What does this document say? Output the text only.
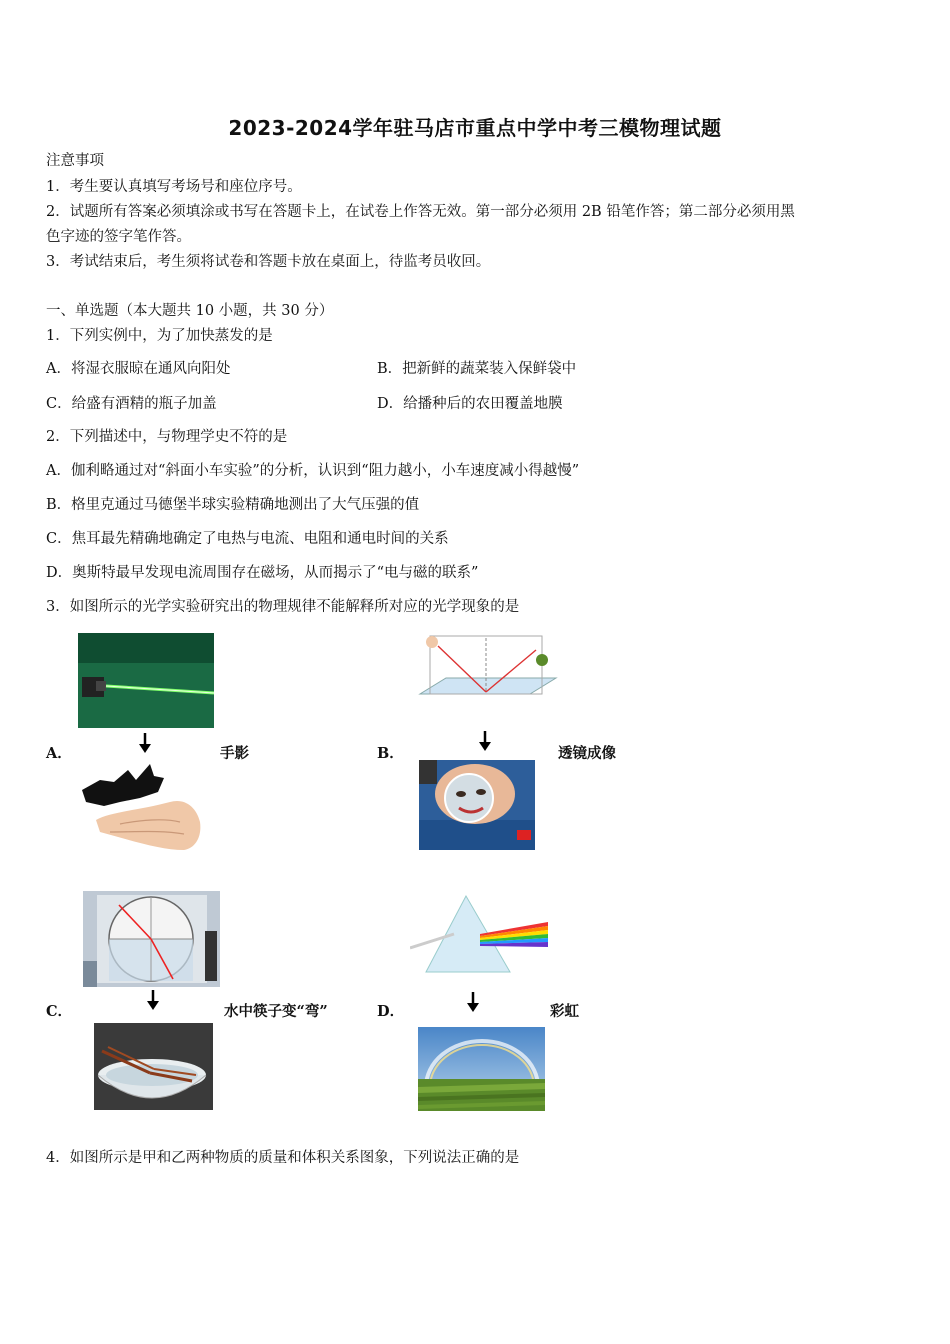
2023-2024学年驻马店市重点中学中考三模物理试题
注意事项
1．考生要认真填写考场号和座位序号。
2．试题所有答案必须填涂或书写在答题卡上，在试卷上作答无效。第一部分必须用 2B 铅笔作答；第二部分必须用黑
色字迹的签字笔作答。
3．考试结束后，考生须将试卷和答题卡放在桌面上，待监考员收回。
一、单选题（本大题共 10 小题，共 30 分）
1．下列实例中，为了加快蒸发的是
A．将湿衣服晾在通风向阳处	B．把新鲜的蔬菜装入保鲜袋中
C．给盛有酒精的瓶子加盖	D．给播种后的农田覆盖地膜
2．下列描述中，与物理学史不符的是
A．伽利略通过对“斜面小车实验”的分析，认识到“阻力越小，小车速度减小得越慢”
B．格里克通过马德堡半球实验精确地测出了大气压强的值
C．焦耳最先精确地确定了电热与电流、电阻和通电时间的关系
D．奥斯特最早发现电流周围存在磁场，从而揭示了“电与磁的联系”
3．如图所示的光学实验研究出的物理规律不能解释所对应的光学现象的是
A．	手影	B．	透镜成像
C．	水中筷子变“弯”	D．	彩虹
4．如图所示是甲和乙两种物质的质量和体积关系图象，下列说法正确的是
